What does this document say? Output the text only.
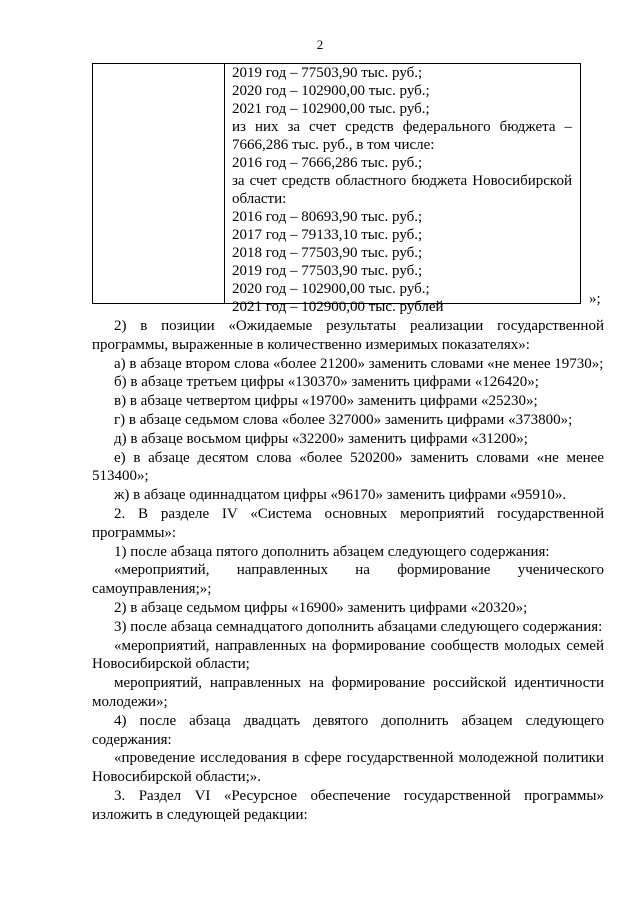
2
2019 год – 77503,90 тыс. руб.;
2020 год – 102900,00 тыс. руб.;
2021 год – 102900,00 тыс. руб.;
из них за счет средств федерального бюджета –
7666,286 тыс. руб., в том числе:
2016 год – 7666,286 тыс. руб.;
за счет средств областного бюджета Новосибирской
области:
2016 год – 80693,90 тыс. руб.;
2017 год – 79133,10 тыс. руб.;
2018 год – 77503,90 тыс. руб.;
2019 год – 77503,90 тыс. руб.;
2020 год – 102900,00 тыс. руб.;
2021 год – 102900,00 тыс. рублей	»;
2) в позиции «Ожидаемые результаты реализации государственной
программы, выраженные в количественно измеримых показателях»:
а) в абзаце втором слова «более 21200» заменить словами «не менее 19730»;
б) в абзаце третьем цифры «130370» заменить цифрами «126420»;
в) в абзаце четвертом цифры «19700» заменить цифрами «25230»;
г) в абзаце седьмом слова «более 327000» заменить цифрами «373800»;
д) в абзаце восьмом цифры «32200» заменить цифрами «31200»;
е) в абзаце десятом слова «более 520200» заменить словами «не менее
513400»;
ж) в абзаце одиннадцатом цифры «96170» заменить цифрами «95910».
2. В разделе IV «Система основных мероприятий государственной
программы»:
1) после абзаца пятого дополнить абзацем следующего содержания:
«мероприятий, направленных на формирование ученического
самоуправления;»;
2) в абзаце седьмом цифры «16900» заменить цифрами «20320»;
3) после абзаца семнадцатого дополнить абзацами следующего содержания:
«мероприятий, направленных на формирование сообществ молодых семей
Новосибирской области;
мероприятий, направленных на формирование российской идентичности
молодежи»;
4) после абзаца двадцать девятого дополнить абзацем следующего
содержания:
«проведение исследования в сфере государственной молодежной политики
Новосибирской области;».
3. Раздел VI «Ресурсное обеспечение государственной программы»
изложить в следующей редакции:
